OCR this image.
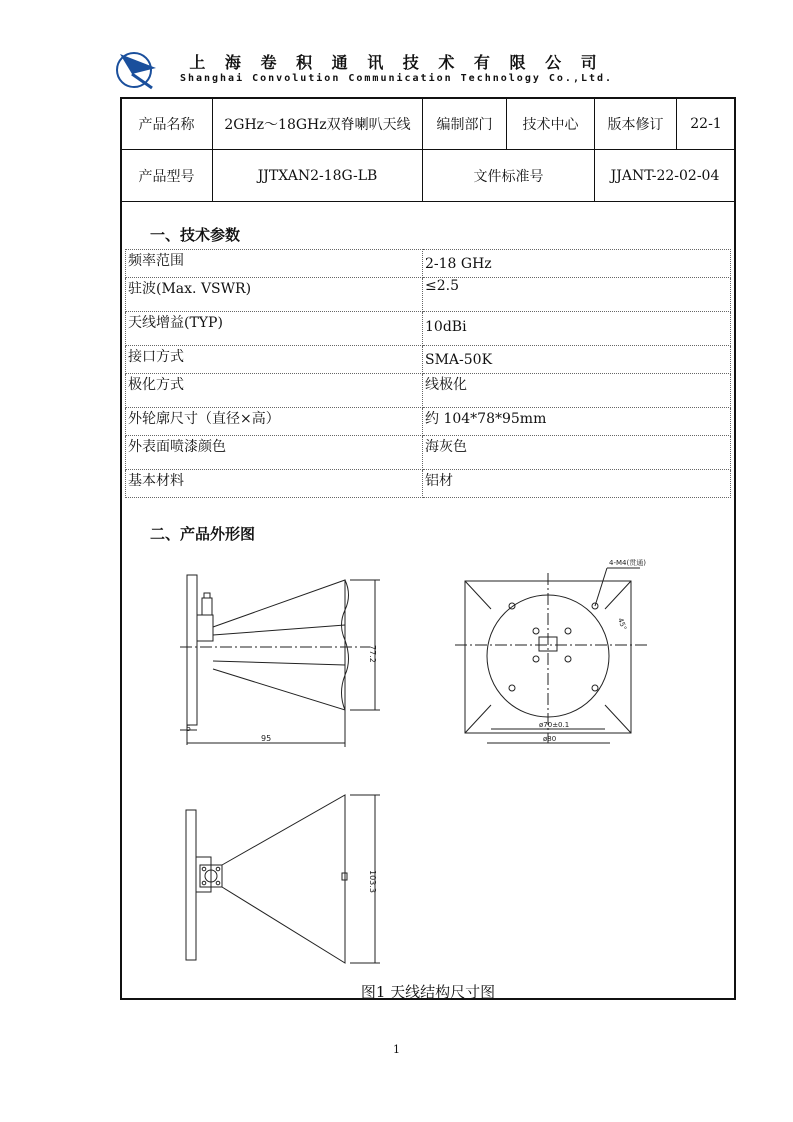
上 海 卷 积 通 讯 技 术 有 限 公 司
Shanghai Convolution Communication Technology Co.,Ltd.
产品名称	2GHz～18GHz双脊喇叭天线	编制部门	技术中心	版本修订	22-1
产品型号	JJTXAN2-18G-LB	文件标准号		JJANT-22-02-04	
一、技术参数
频率范围	2-18 GHz
驻波(Max. VSWR)	≤2.5
天线增益(TYP)	10dBi
接口方式	SMA-50K
极化方式	线极化
外轮廓尺寸（直径×高）	约 104*78*95mm
外表面喷漆颜色	海灰色
基本材料	铝材
二、产品外形图
77.2
95
5
4-M4(贯通)
45°
ø70±0.1
ø80
103.3
图1 天线结构尺寸图
1
